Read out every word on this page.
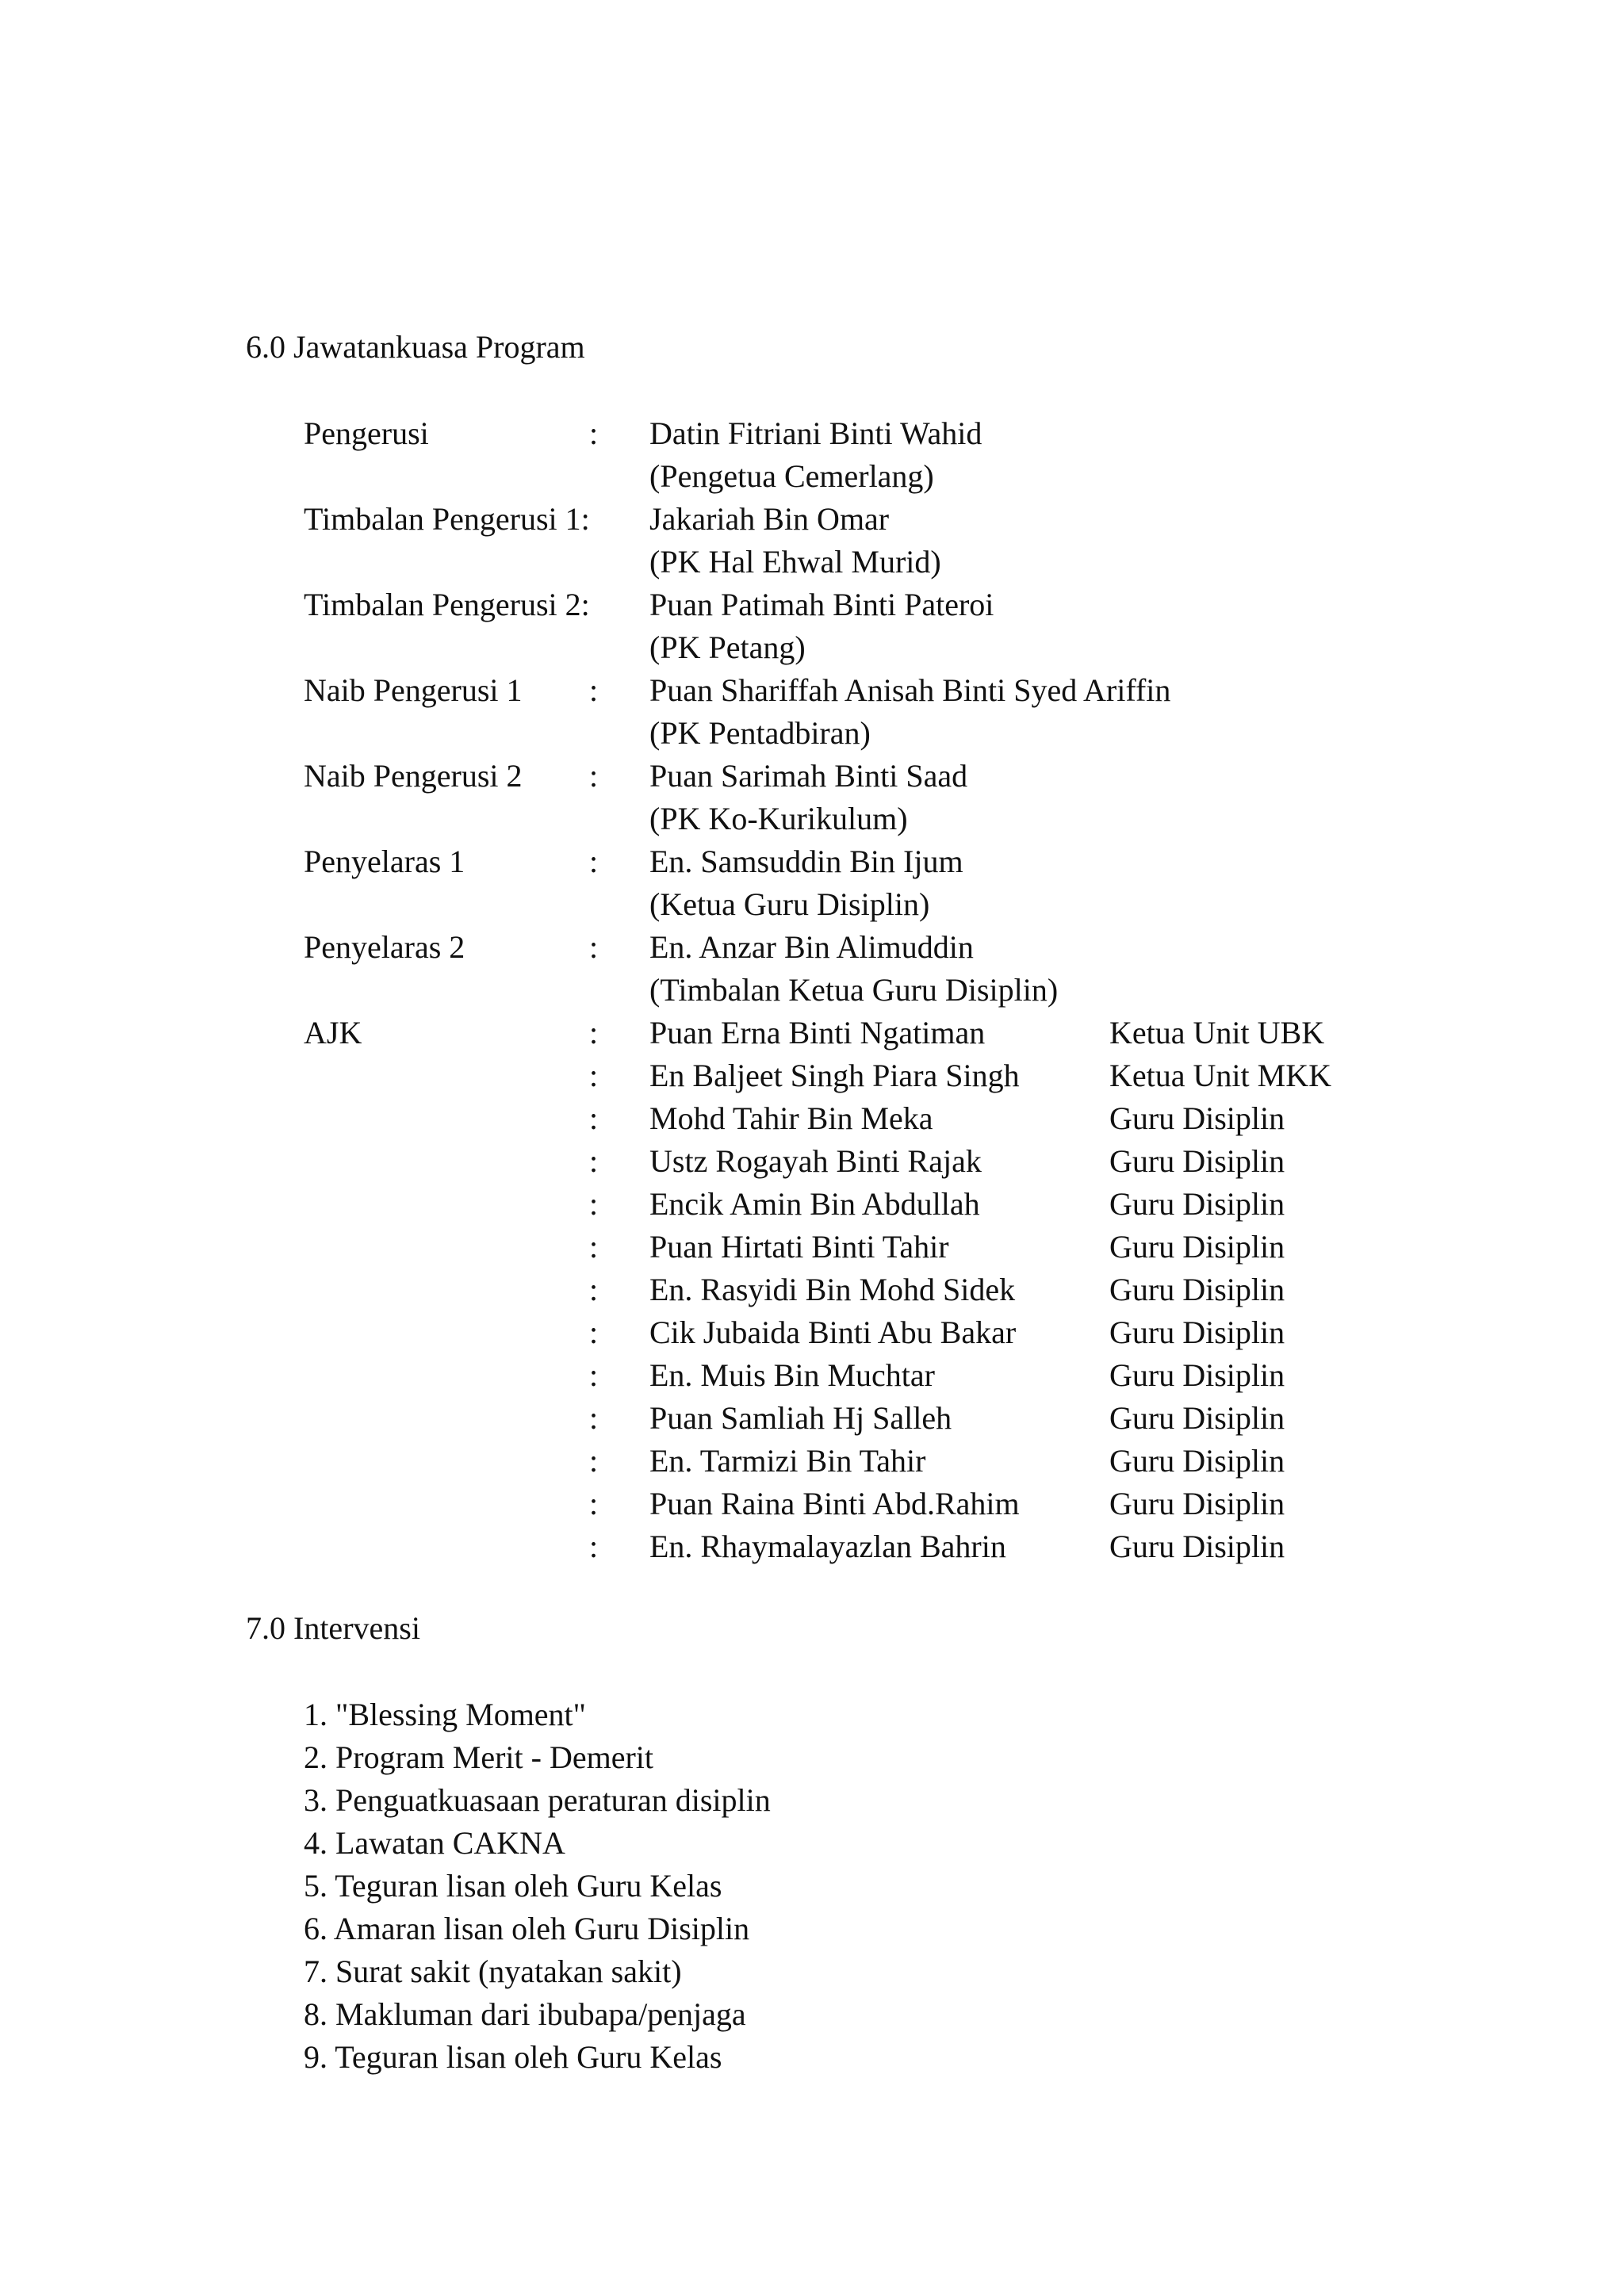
6.0 Jawatankuasa Program
Pengerusi	: Datin Fitriani Binti Wahid
(Pengetua Cemerlang)
Timbalan Pengerusi 1: Jakariah Bin Omar
(PK Hal Ehwal Murid)
Timbalan Pengerusi 2: Puan Patimah Binti Pateroi
(PK Petang)
Naib Pengerusi 1 : Puan Shariffah Anisah Binti Syed Ariffin
(PK Pentadbiran)
Naib Pengerusi 2 : Puan Sarimah Binti Saad
(PK Ko-Kurikulum)
Penyelaras 1	: En. Samsuddin Bin Ijum
(Ketua Guru Disiplin)
Penyelaras 2	: En. Anzar Bin Alimuddin
(Timbalan Ketua Guru Disiplin)
AJK	: Puan Erna Binti Ngatiman	Ketua Unit UBK
: En Baljeet Singh Piara Singh	Ketua Unit MKK
: Mohd Tahir Bin Meka	Guru Disiplin
: Ustz Rogayah Binti Rajak	Guru Disiplin
: Encik Amin Bin Abdullah	Guru Disiplin
: Puan Hirtati Binti Tahir	Guru Disiplin
: En. Rasyidi Bin Mohd Sidek	Guru Disiplin
: Cik Jubaida Binti Abu Bakar	Guru Disiplin
: En. Muis Bin Muchtar	Guru Disiplin
: Puan Samliah Hj Salleh	Guru Disiplin
: En. Tarmizi Bin Tahir	Guru Disiplin
: Puan Raina Binti Abd.Rahim	Guru Disiplin
: En. Rhaymalayazlan Bahrin	Guru Disiplin
7.0 Intervensi
1. "Blessing Moment"
2. Program Merit - Demerit
3. Penguatkuasaan peraturan disiplin
4. Lawatan CAKNA
5. Teguran lisan oleh Guru Kelas
6. Amaran lisan oleh Guru Disiplin
7. Surat sakit (nyatakan sakit)
8. Makluman dari ibubapa/penjaga
9. Teguran lisan oleh Guru Kelas
